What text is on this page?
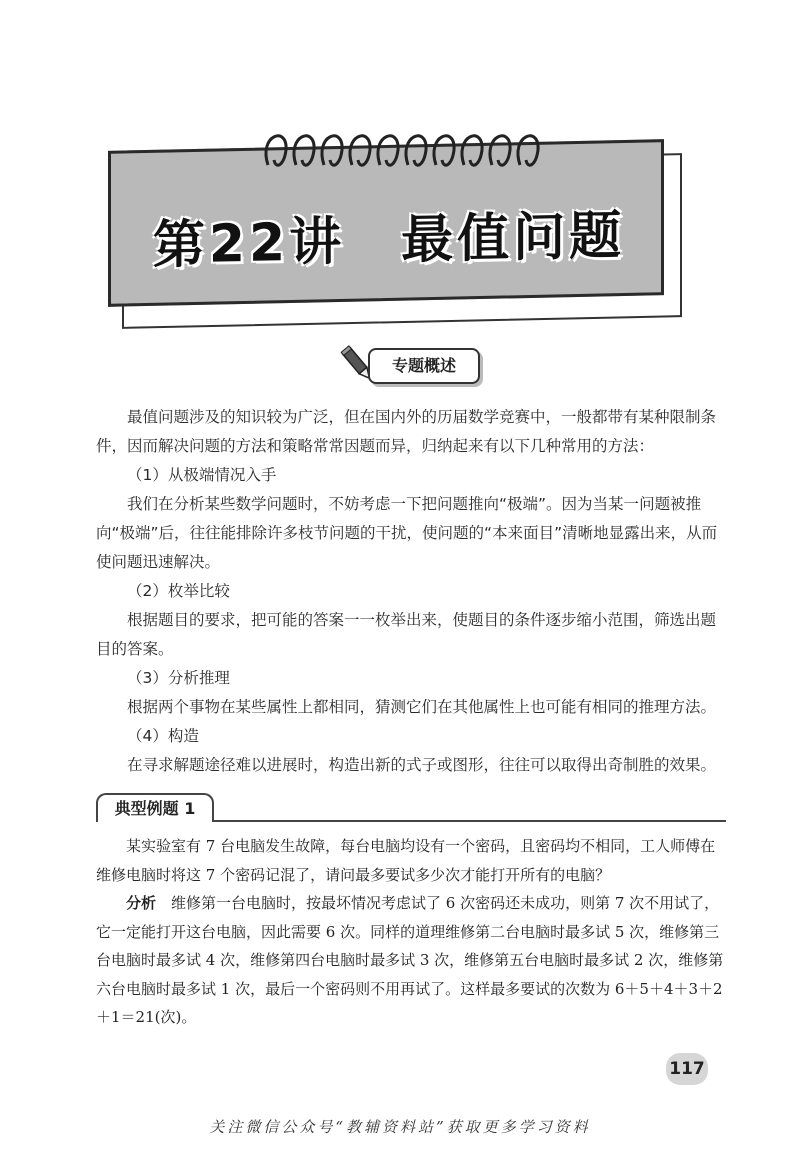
第22讲　最值问题
专题概述

最值问题涉及的知识较为广泛，但在国内外的历届数学竞赛中，一般都带有某种限制条件，因而解决问题的方法和策略常常因题而异，归纳起来有以下几种常用的方法：

（1）从极端情况入手

我们在分析某些数学问题时，不妨考虑一下把问题推向“极端”。因为当某一问题被推向“极端”后，往往能排除许多枝节问题的干扰，使问题的“本来面目”清晰地显露出来，从而使问题迅速解决。

（2）枚举比较

根据题目的要求，把可能的答案一一枚举出来，使题目的条件逐步缩小范围，筛选出题目的答案。

（3）分析推理

根据两个事物在某些属性上都相同，猜测它们在其他属性上也可能有相同的推理方法。

（4）构造

在寻求解题途径难以进展时，构造出新的式子或图形，往往可以取得出奇制胜的效果。

典型例题 1

某实验室有 7 台电脑发生故障，每台电脑均设有一个密码，且密码均不相同，工人师傅在维修电脑时将这 7 个密码记混了，请问最多要试多少次才能打开所有的电脑？

分析　维修第一台电脑时，按最坏情况考虑试了 6 次密码还未成功，则第 7 次不用试了，它一定能打开这台电脑，因此需要 6 次。同样的道理维修第二台电脑时最多试 5 次，维修第三台电脑时最多试 4 次，维修第四台电脑时最多试 3 次，维修第五台电脑时最多试 2 次，维修第六台电脑时最多试 1 次，最后一个密码则不用再试了。这样最多要试的次数为 6＋5＋4＋3＋2＋1＝21(次)。

117
关注微信公众号“教辅资料站”获取更多学习资料
